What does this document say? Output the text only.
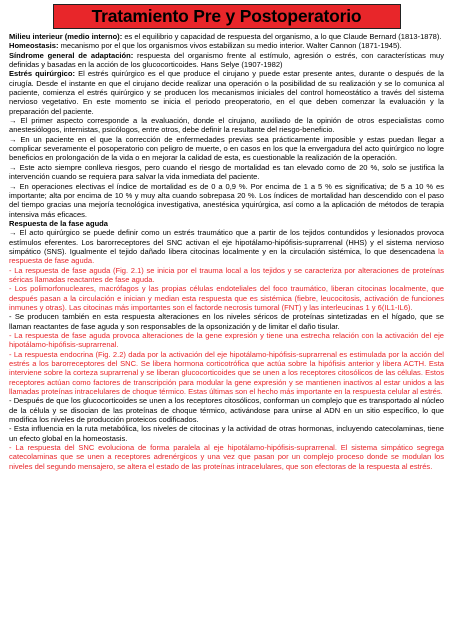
Tratamiento Pre y Postoperatorio

Milieu interieur (medio interno): es el equilibrio y capacidad de respuesta del organismo, a lo que Claude Bernard (1813-1878).

Homeostasis: mecanismo por el que los organismos vivos estabilizan su medio interior. Walter Cannon (1871-1945).

Síndrome general de adaptación: respuesta del organismo frente al estímulo, agresión o estrés, con características muy definidas y basadas en la acción de los glucocorticoides. Hans Selye (1907-1982)

Estrés quirúrgico: El estrés quirúrgico es el que produce el cirujano y puede estar presente antes, durante o después de la cirugía. Desde el instante en que el cirujano decide realizar una operación o la posibilidad de su realización y se lo comunica al paciente, comienza el estrés quirúrgico y se producen los mecanismos iniciales del control homeostático a través del sistema nervioso vegetativo. En este momento se inicia el periodo preoperatorio, en el que deben comenzar la evaluación y la preparación del paciente.

→ El primer aspecto corresponde a la evaluación, donde el cirujano, auxiliado de la opinión de otros especialistas como anestesiólogos, internistas, psicólogos, entre otros, debe definir la resultante del riesgo-beneficio.

→ En un paciente en el que la corrección de enfermedades previas sea prácticamente imposible y estas puedan llegar a complicar severamente el posoperatorio con peligro de muerte, o en casos en los que la envergadura del acto quirúrgico no logre beneficios en prolongación de la vida o en mejorar la calidad de esta, es cuestionable la realización de la operación.

→ Este acto siempre conlleva riesgos, pero cuando el riesgo de mortalidad es tan elevado como de 20 %, solo se justifica la intervención cuando se requiera para salvar la vida inmediata del paciente.

→ En operaciones electivas el índice de mortalidad es de 0 a 0,9 %. Por encima de 1 a 5 % es significativa; de 5 a 10 % es importante; alta por encima de 10 % y muy alta cuando sobrepasa 20 %. Los índices de mortalidad han descendido con el paso del tiempo gracias una mejoría tecnológica investigativa, anestésica yquirúrgica, así como a la aplicación de métodos de terapia intensiva más eficaces.

Respuesta de la fase aguda

→ El acto quirúrgico se puede definir como un estrés traumático que a partir de los tejidos contundidos y lesionados provoca estímulos eferentes. Los barorreceptores del SNC activan el eje hipotálamo-hipófisis-suprarrenal (HHS) y el sistema nervioso simpático (SNS). Igualmente el tejido dañado libera citocinas localmente y en la circulación sistémica, lo que desencadena la respuesta de fase aguda.

- La respuesta de fase aguda (Fig. 2.1) se inicia por el trauma local a los tejidos y se caracteriza por alteraciones de proteínas séricas llamadas reactantes de fase aguda.

- Los polimorfonucleares, macrófagos y las propias células endoteliales del foco traumático, liberan citocinas localmente, que después pasan a la circulación e inician y median esta respuesta que es sistémica (fiebre, leucocitosis, activación de funciones inmunes y otras). Las citocinas más importantes son el factorde necrosis tumoral (FNT) y las interleucinas 1 y 6(IL1-IL6).

- Se producen también en esta respuesta alteraciones en los niveles séricos de proteínas sintetizadas en el hígado, que se llaman reactantes de fase aguda y son responsables de la opsonización y de limitar el daño tisular.

- La respuesta de fase aguda provoca alteraciones de la gene expresión y tiene una estrecha relación con la activación del eje hipotálamo-hipófisis-suprarrenal.

- La respuesta endocrina (Fig. 2.2) dada por la activación del eje hipotálamo-hipófisis-suprarrenal es estimulada por la acción del estrés a los barorreceptores del SNC. Se libera hormona corticotrófica que actúa sobre la hipófisis anterior y libera ACTH. Esta interviene sobre la corteza suprarrenal y se liberan glucocorticoides que se unen a los receptores citosólicos de las células. Estos receptores actúan como factores de transcripción para modular la gene expresión y se mantienen inactivos al estar unidos a las llamadas proteínas intracelulares de choque térmico. Estas últimas son el hecho más importante en la respuesta celular al estrés.

- Después de que los glucocorticoides se unen a los receptores citosólicos, conforman un complejo que es transportado al núcleo de la célula y se disocian de las proteínas de choque térmico, activándose para unirse al ADN en un sitio específico, lo que modifica los niveles de producción proteicos codificados.

- Esta influencia en la ruta metabólica, los niveles de citocinas y la actividad de otras hormonas, incluyendo catecolaminas, tiene un efecto global en la homeostasis.

- La respuesta del SNC evoluciona de forma paralela al eje hipotálamo-hipófisis-suprarrenal. El sistema simpático segrega catecolaminas que se unen a receptores adrenérgicos y una vez que pasan por un complejo proceso donde se modulan los niveles del segundo mensajero, se altera el estado de las proteínas intracelulares, que son efectoras de la respuesta al estrés.
